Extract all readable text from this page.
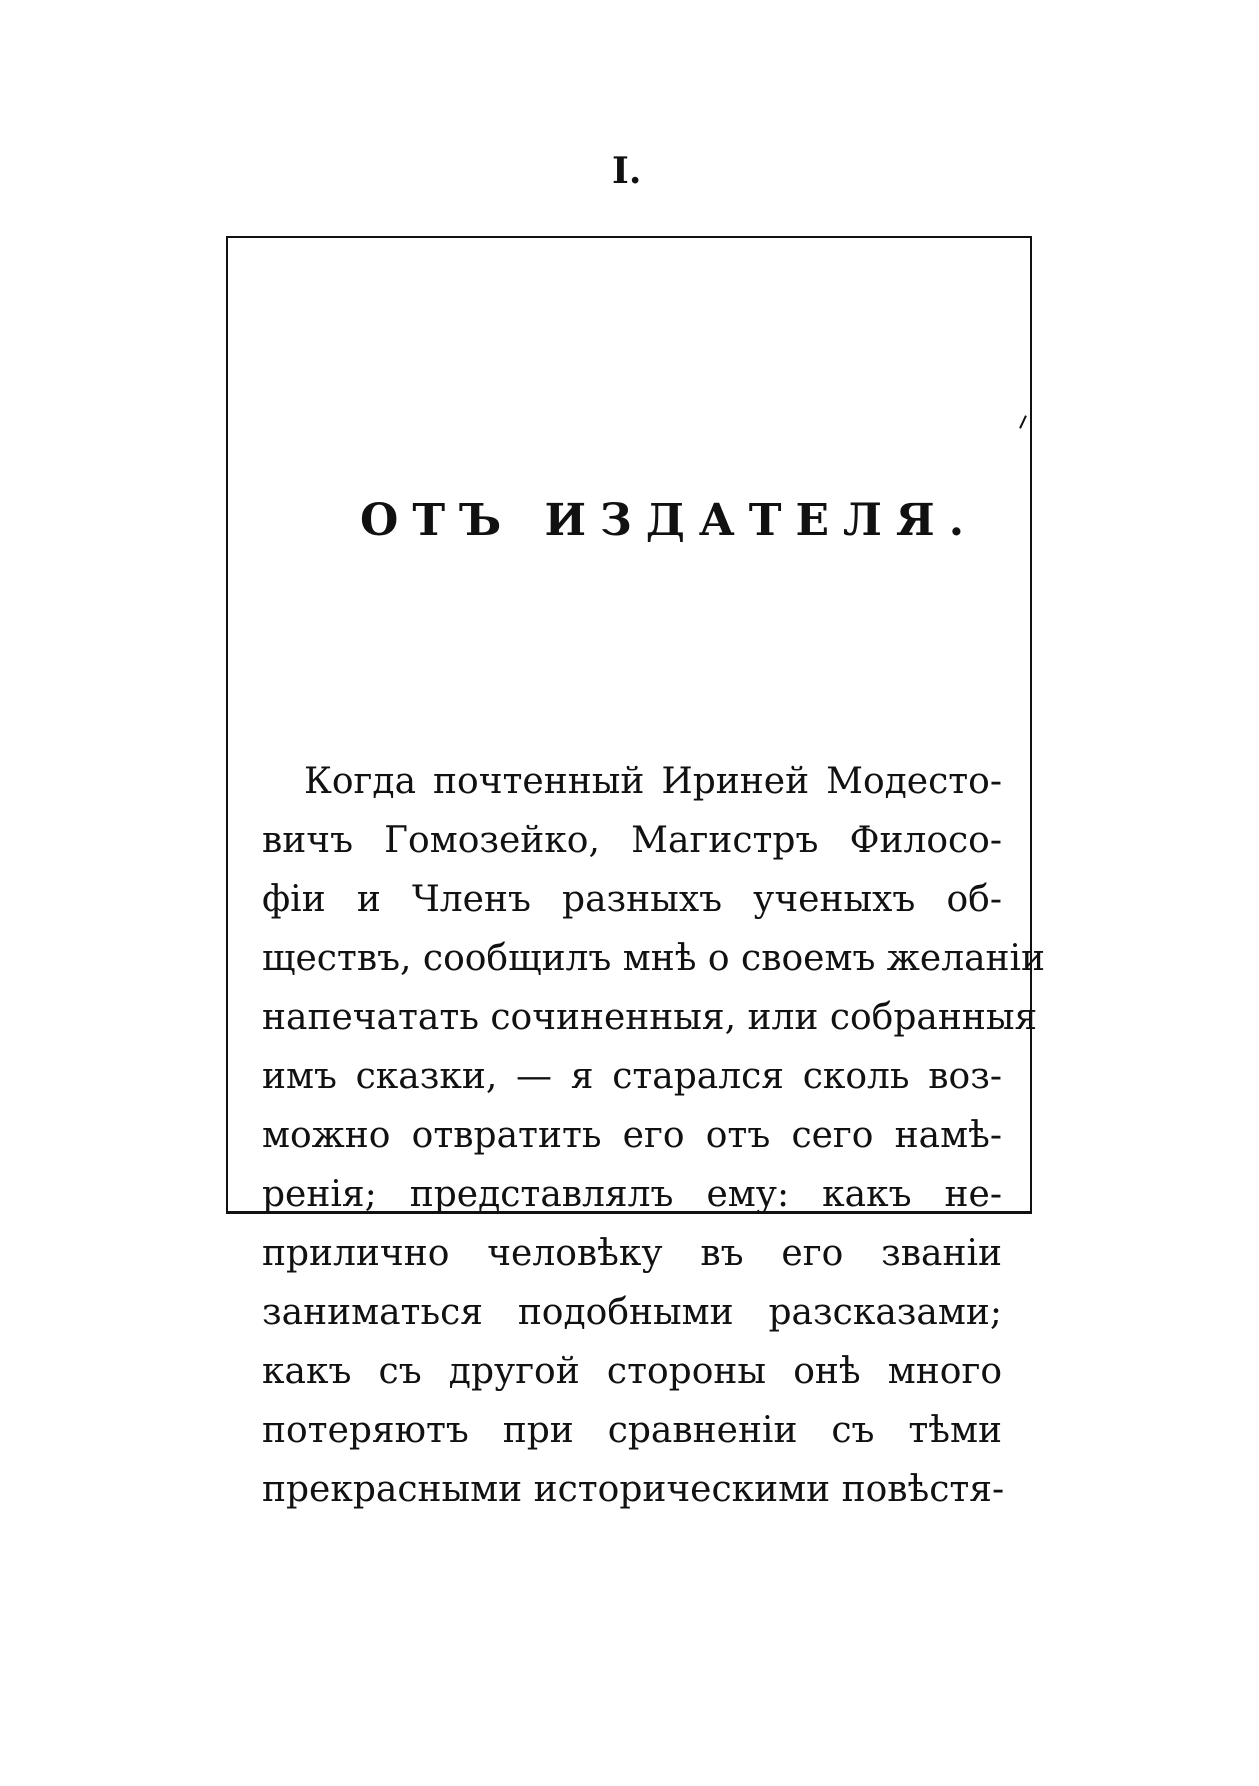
I.
ОТЪ ИЗДАТЕЛЯ.
Когда почтенный Ириней Модесто-
вичъ Гомозейко, Магистръ Филосо-
фіи и Членъ разныхъ ученыхъ об-
ществъ, сообщилъ мнѣ о своемъ желаніи
напечатать сочиненныя, или собранныя
имъ сказки, — я старался сколь воз-
можно отвратить его отъ сего намѣ-
ренія; представлялъ ему: какъ не-
прилично человѣку въ его званіи
заниматься подобными разсказами;
какъ съ другой стороны онѣ много
потеряютъ при сравненіи съ тѣми
прекрасными историческими повѣстя-
